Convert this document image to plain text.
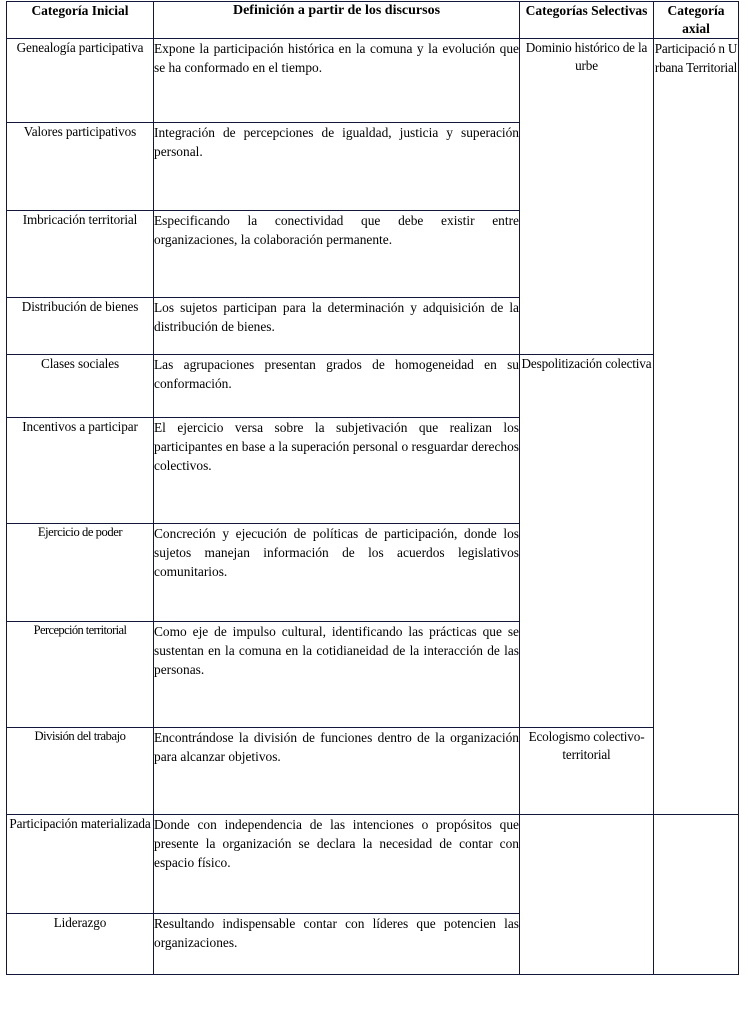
Categoría Inicial	Definición a partir de los discursos	Categorías Selectivas	Categoría axial
Genealogía participativa	Expone la participación histórica en la comuna y la evolución que se ha conformado en el tiempo.	Dominio histórico de la urbe	Participació n Urbana Territorial
Valores participativos	Integración de percepciones de igualdad, justicia y superación personal.		
Imbricación territorial	Especificando la conectividad que debe existir entre organizaciones, la colaboración permanente.		
Distribución de bienes	Los sujetos participan para la determinación y adquisición de la distribución de bienes.		
Clases sociales	Las agrupaciones presentan grados de homogeneidad en su conformación.	Despolitización colectiva	
Incentivos a participar	El ejercicio versa sobre la subjetivación que realizan los participantes en base a la superación personal o resguardar derechos colectivos.		
Ejercicio de poder	Concreción y ejecución de políticas de participación, donde los sujetos manejan información de los acuerdos legislativos comunitarios.		
Percepción territorial	Como eje de impulso cultural, identificando las prácticas que se sustentan en la comuna en la cotidianeidad de la interacción de las personas.		
División del trabajo	Encontrándose la división de funciones dentro de la organización para alcanzar objetivos.	Ecologismo colectivo-territorial	
Participación materializada	Donde con independencia de las intenciones o propósitos que presente la organización se declara la necesidad de contar con espacio físico.		
Liderazgo	Resultando indispensable contar con líderes que potencien las organizaciones.		
